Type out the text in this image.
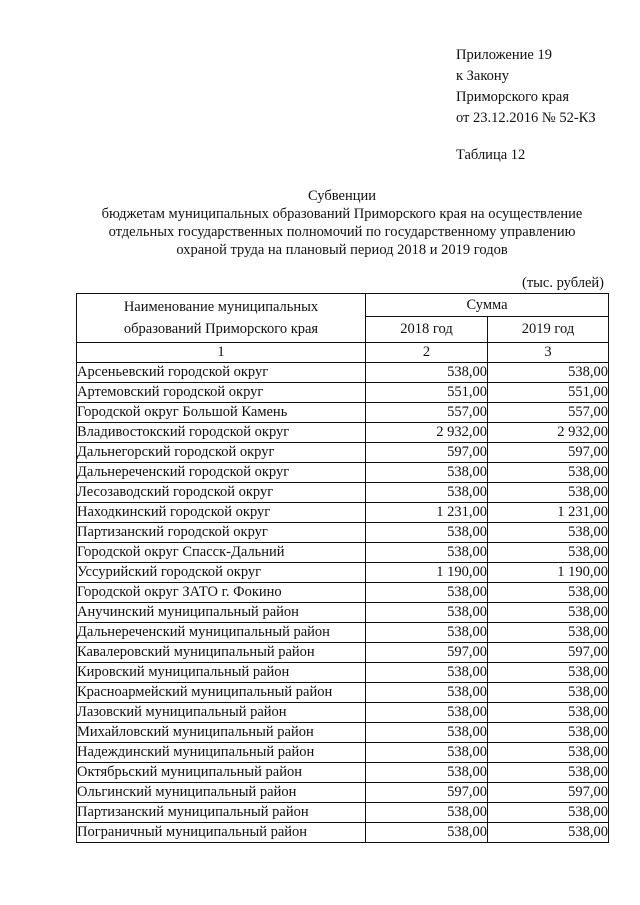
Приложение 19
к Закону
Приморского края
от 23.12.2016 № 52-КЗ
Таблица 12
Субвенции
бюджетам муниципальных образований Приморского края на осуществление
отдельных государственных полномочий по государственному управлению
охраной труда на плановый период 2018 и 2019 годов
(тыс. рублей)
Наименование муниципальных
образований Приморского края	Сумма	
	2018 год	2019 год
1	2	3
Арсеньевский городской округ	538,00	538,00
Артемовский городской округ	551,00	551,00
Городской округ Большой Камень	557,00	557,00
Владивостокский городской округ	2 932,00	2 932,00
Дальнегорский городской округ	597,00	597,00
Дальнереченский городской округ	538,00	538,00
Лесозаводский городской округ	538,00	538,00
Находкинский городской округ	1 231,00	1 231,00
Партизанский городской округ	538,00	538,00
Городской округ Спасск-Дальний	538,00	538,00
Уссурийский городской округ	1 190,00	1 190,00
Городской округ ЗАТО г. Фокино	538,00	538,00
Анучинский муниципальный район	538,00	538,00
Дальнереченский муниципальный район	538,00	538,00
Кавалеровский муниципальный район	597,00	597,00
Кировский муниципальный район	538,00	538,00
Красноармейский муниципальный район	538,00	538,00
Лазовский муниципальный район	538,00	538,00
Михайловский муниципальный район	538,00	538,00
Надеждинский муниципальный район	538,00	538,00
Октябрьский муниципальный район	538,00	538,00
Ольгинский муниципальный район	597,00	597,00
Партизанский муниципальный район	538,00	538,00
Пограничный муниципальный район	538,00	538,00
